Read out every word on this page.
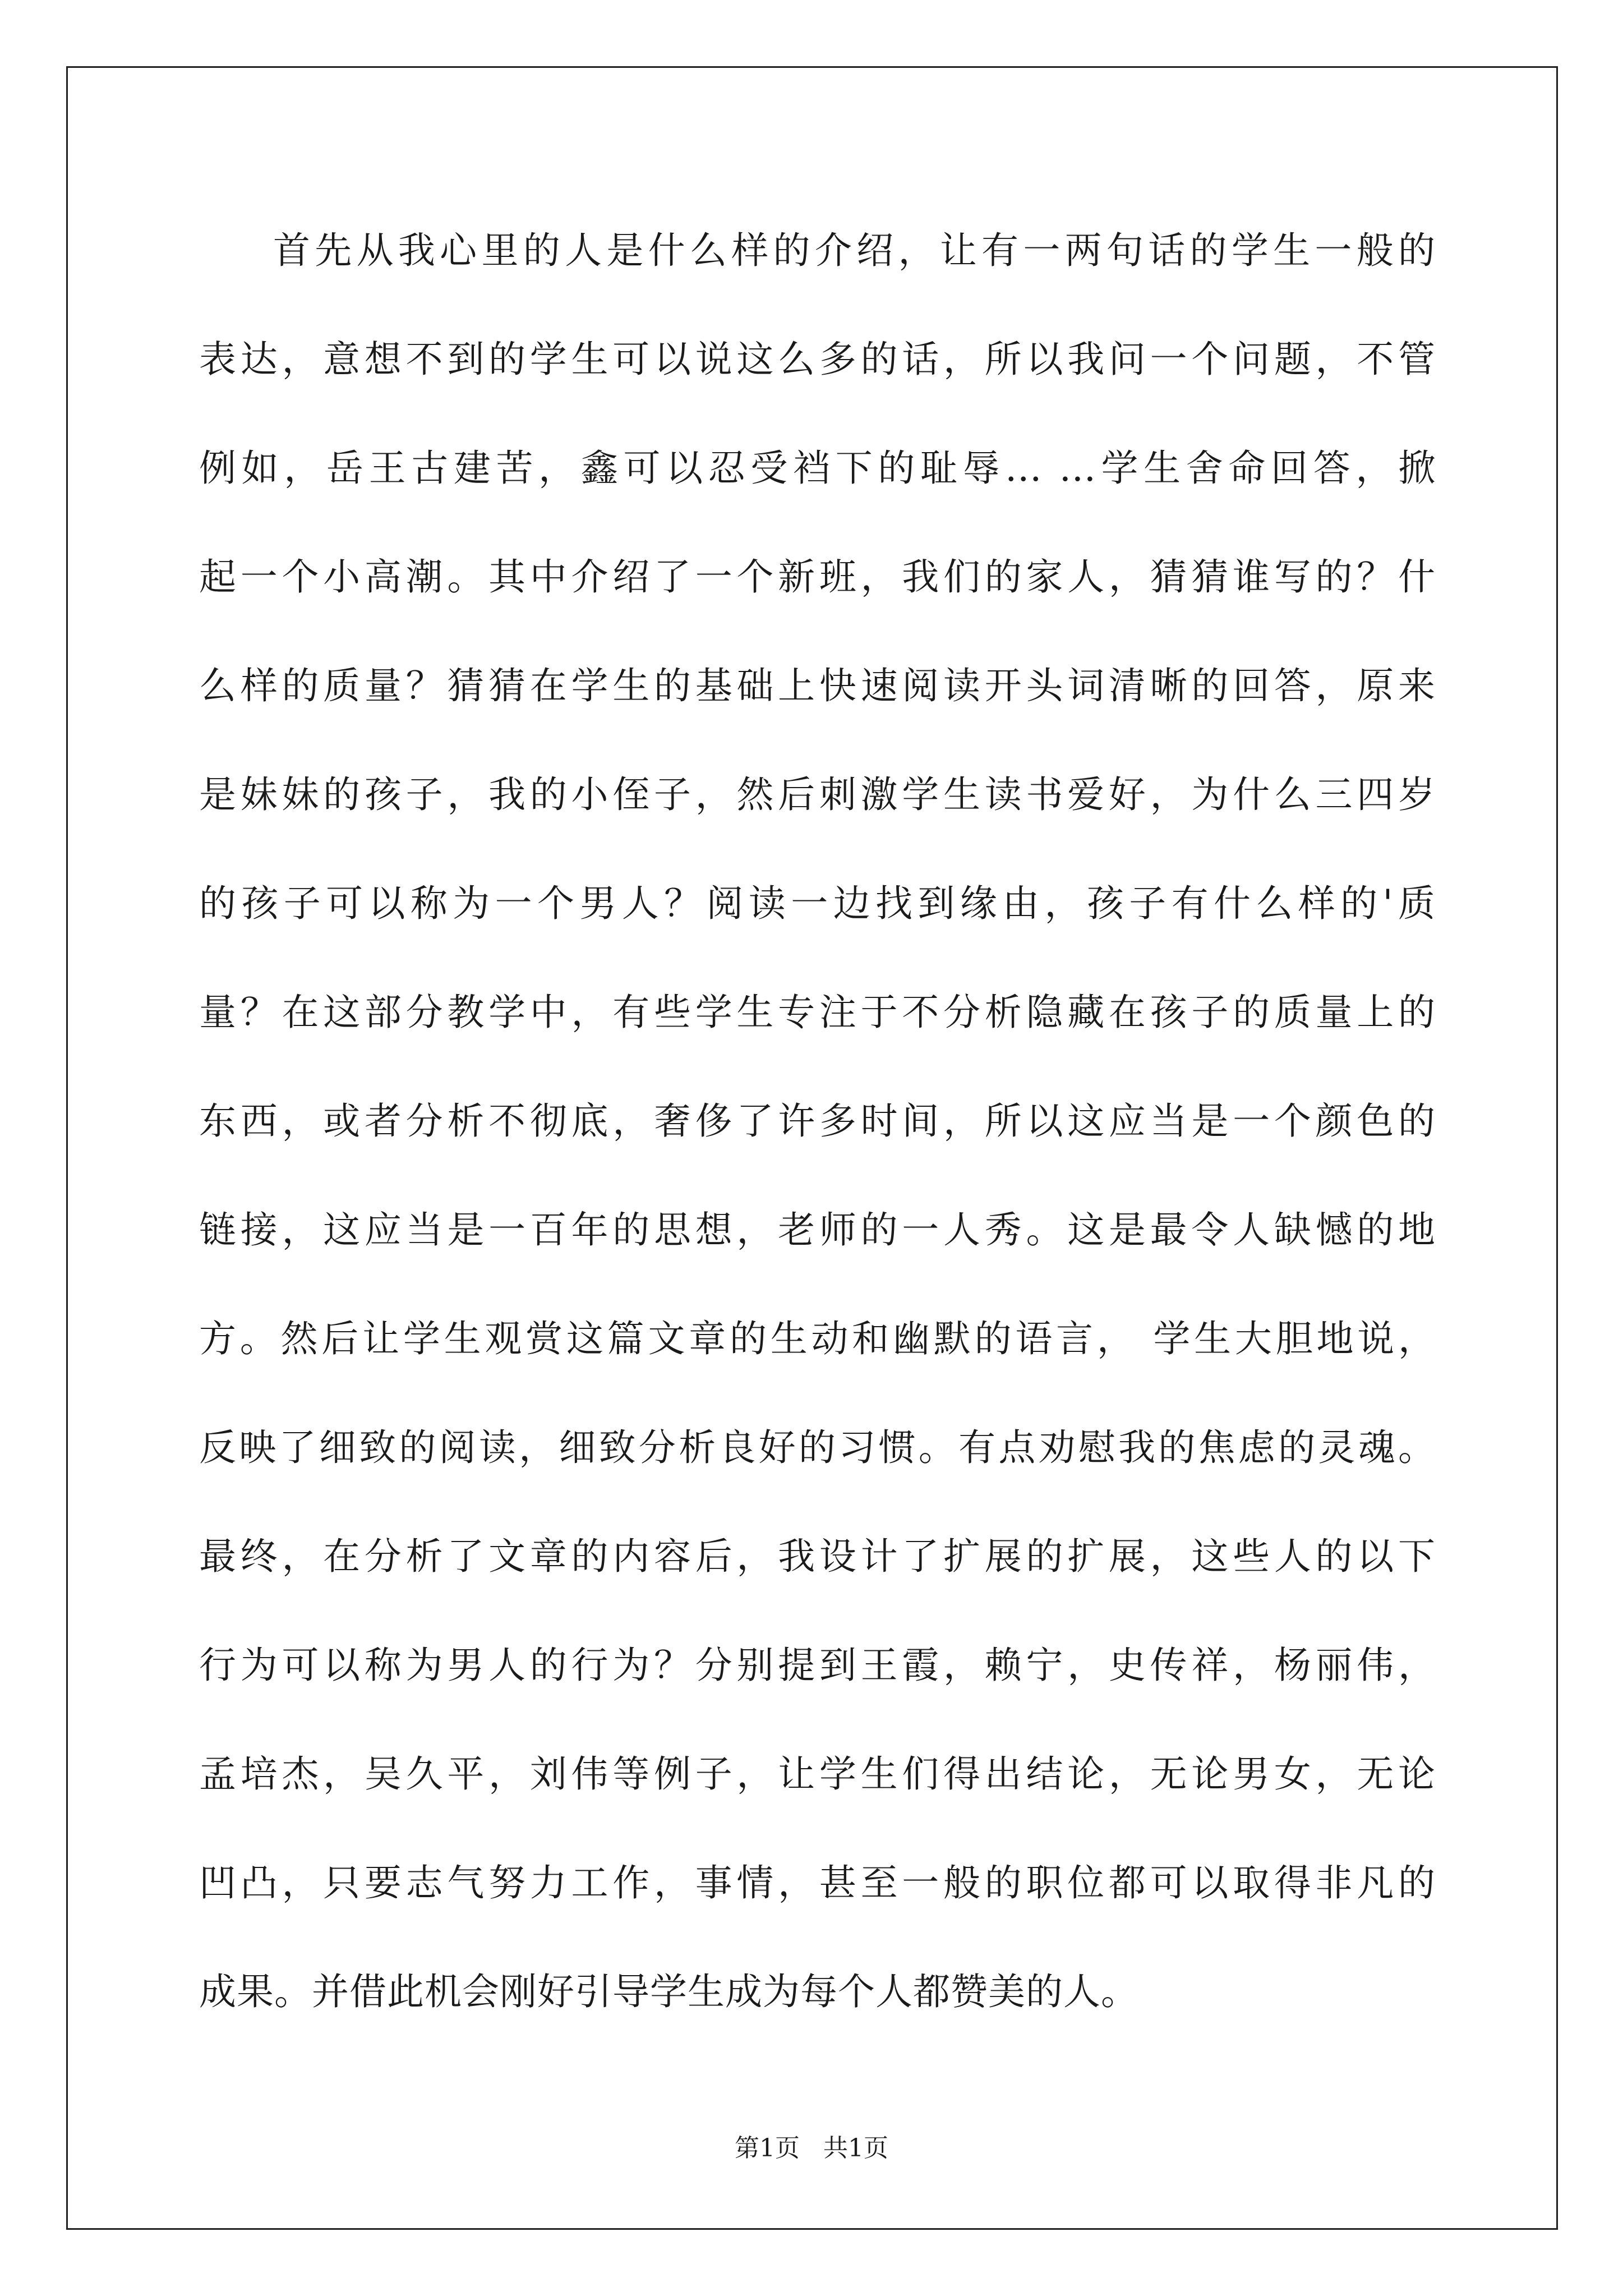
首先从我心里的人是什么样的介绍，让有一两句话的学生一般的
表达，意想不到的学生可以说这么多的话，所以我问一个问题，不管
例如，岳王古建苦，鑫可以忍受裆下的耻辱... ...学生舍命回答，掀
起一个小高潮。其中介绍了一个新班，我们的家人，猜猜谁写的？什
么样的质量？猜猜在学生的基础上快速阅读开头词清晰的回答，原来
是妹妹的孩子，我的小侄子，然后刺激学生读书爱好，为什么三四岁
的孩子可以称为一个男人？阅读一边找到缘由，孩子有什么样的'质
量？在这部分教学中，有些学生专注于不分析隐藏在孩子的质量上的
东西，或者分析不彻底，奢侈了许多时间，所以这应当是一个颜色的
链接，这应当是一百年的思想，老师的一人秀。这是最令人缺憾的地
方。然后让学生观赏这篇文章的生动和幽默的语言， 学生大胆地说，
反映了细致的阅读，细致分析良好的习惯。有点劝慰我的焦虑的灵魂。
最终，在分析了文章的内容后，我设计了扩展的扩展，这些人的以下
行为可以称为男人的行为？分别提到王霞，赖宁，史传祥，杨丽伟，
孟培杰，吴久平，刘伟等例子，让学生们得出结论，无论男女，无论
凹凸，只要志气努力工作，事情，甚至一般的职位都可以取得非凡的
成果。并借此机会刚好引导学生成为每个人都赞美的人。
第1页   共1页
